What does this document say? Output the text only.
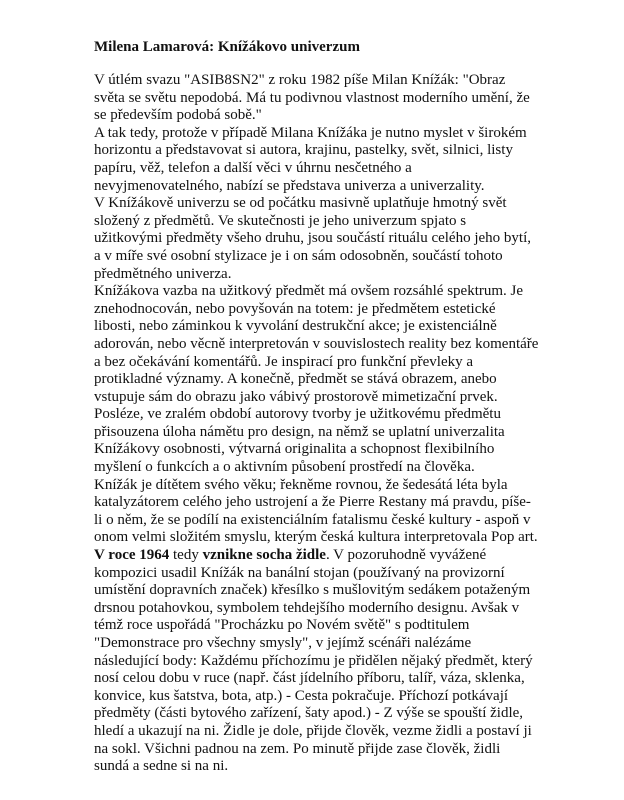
Milena Lamarová: Knížákovo univerzum
V útlém svazu "ASIB8SN2" z roku 1982 píše Milan Knížák: "Obraz
světa se světu nepodobá. Má tu podivnou vlastnost moderního umění, že
se především podobá sobě."
A tak tedy, protože v případě Milana Knížáka je nutno myslet v širokém
horizontu a představovat si autora, krajinu, pastelky, svět, silnici, listy
papíru, věž, telefon a další věci v úhrnu nesčetného a
nevyjmenovatelného, nabízí se představa univerza a univerzality.
V Knížákově univerzu se od počátku masivně uplatňuje hmotný svět
složený z předmětů. Ve skutečnosti je jeho univerzum spjato s
užitkovými předměty všeho druhu, jsou součástí rituálu celého jeho bytí,
a v míře své osobní stylizace je i on sám odosobněn, součástí tohoto
předmětného univerza.
Knížákova vazba na užitkový předmět má ovšem rozsáhlé spektrum. Je
znehodnocován, nebo povyšován na totem: je předmětem estetické
libosti, nebo záminkou k vyvolání destrukční akce; je existenciálně
adorován, nebo věcně interpretován v souvislostech reality bez komentáře
a bez očekávání komentářů. Je inspirací pro funkční převleky a
protikladné významy. A konečně, předmět se stává obrazem, anebo
vstupuje sám do obrazu jako vábivý prostorově mimetizační prvek.
Posléze, ve zralém období autorovy tvorby je užitkovému předmětu
přisouzena úloha námětu pro design, na němž se uplatní univerzalita
Knížákovy osobnosti, výtvarná originalita a schopnost flexibilního
myšlení o funkcích a o aktivním působení prostředí na člověka.
Knížák je dítětem svého věku; řekněme rovnou, že šedesátá léta byla
katalyzátorem celého jeho ustrojení a že Pierre Restany má pravdu, píše-
li o něm, že se podílí na existenciálním fatalismu české kultury - aspoň v
onom velmi složitém smyslu, kterým česká kultura interpretovala Pop art.
V roce 1964 tedy vznikne socha židle. V pozoruhodně vyvážené
kompozici usadil Knížák na banální stojan (používaný na provizorní
umístění dopravních značek) křesílko s mušlovitým sedákem potaženým
drsnou potahovkou, symbolem tehdejšího moderního designu. Avšak v
témž roce uspořádá "Procházku po Novém světě" s podtitulem
"Demonstrace pro všechny smysly", v jejímž scénáři nalézáme
následující body: Každému příchozímu je přidělen nějaký předmět, který
nosí celou dobu v ruce (např. část jídelního příboru, talíř, váza, sklenka,
konvice, kus šatstva, bota, atp.) - Cesta pokračuje. Příchozí potkávají
předměty (části bytového zařízení, šaty apod.) - Z výše se spouští židle,
hledí a ukazují na ni. Židle je dole, přijde člověk, vezme židli a postaví ji
na sokl. Všichni padnou na zem. Po minutě přijde zase člověk, židli
sundá a sedne si na ni.
